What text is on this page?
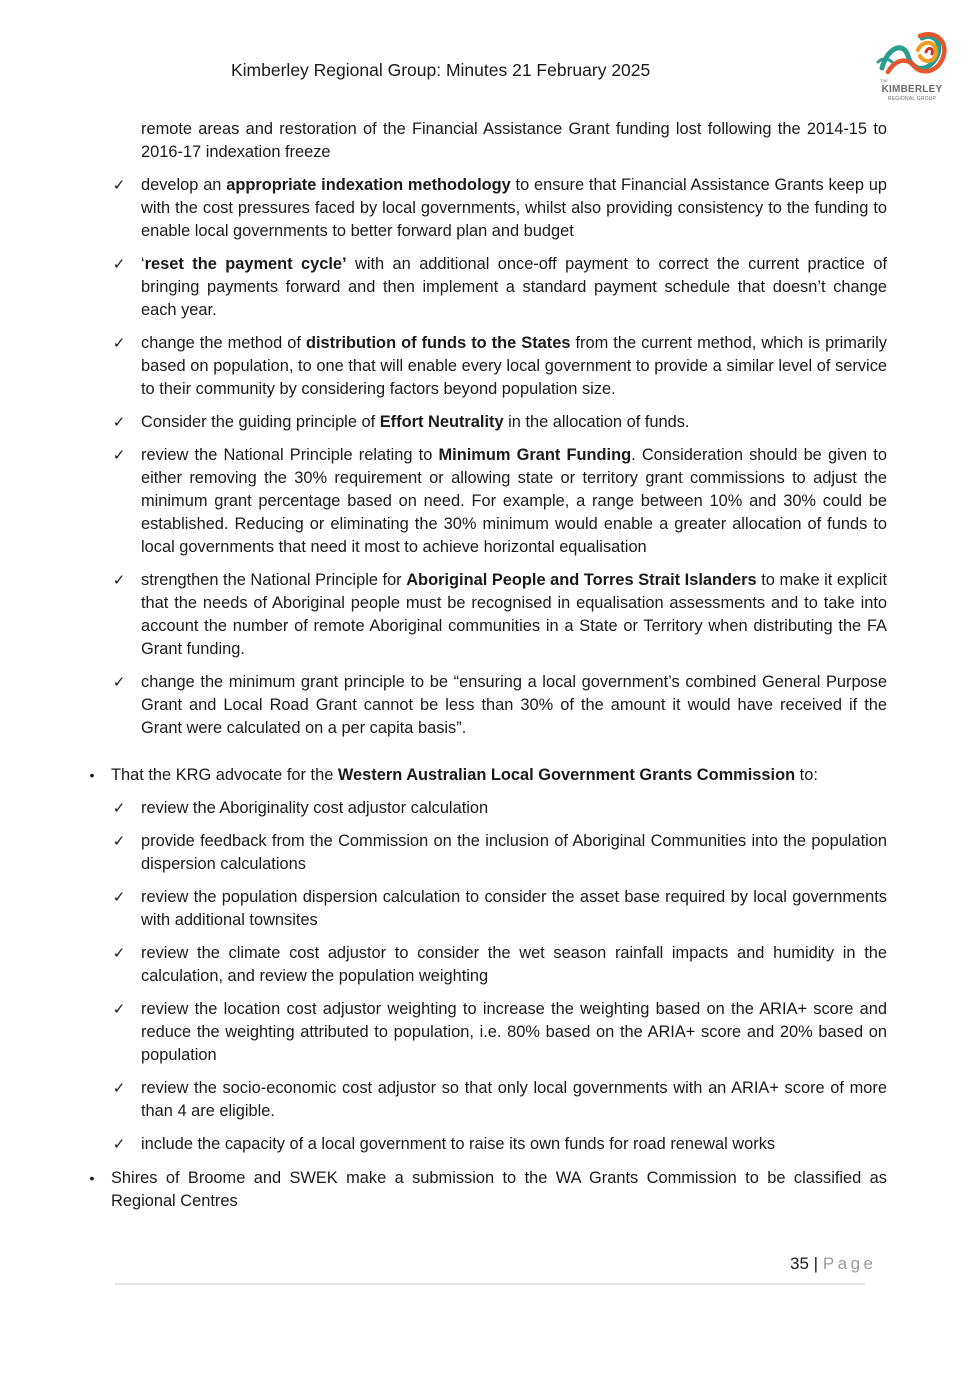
Kimberley Regional Group: Minutes 21 February 2025
THE
KIMBERLEY
REGIONAL GROUP

remote areas and restoration of the Financial Assistance Grant funding lost following the 2014-15 to 2016-17 indexation freeze

✓ develop an appropriate indexation methodology to ensure that Financial Assistance Grants keep up with the cost pressures faced by local governments, whilst also providing consistency to the funding to enable local governments to better forward plan and budget
✓ ‘reset the payment cycle’ with an additional once-off payment to correct the current practice of bringing payments forward and then implement a standard payment schedule that doesn’t change each year.
✓ change the method of distribution of funds to the States from the current method, which is primarily based on population, to one that will enable every local government to provide a similar level of service to their community by considering factors beyond population size.
✓ Consider the guiding principle of Effort Neutrality in the allocation of funds.
✓ review the National Principle relating to Minimum Grant Funding. Consideration should be given to either removing the 30% requirement or allowing state or territory grant commissions to adjust the minimum grant percentage based on need. For example, a range between 10% and 30% could be established. Reducing or eliminating the 30% minimum would enable a greater allocation of funds to local governments that need it most to achieve horizontal equalisation
✓ strengthen the National Principle for Aboriginal People and Torres Strait Islanders to make it explicit that the needs of Aboriginal people must be recognised in equalisation assessments and to take into account the number of remote Aboriginal communities in a State or Territory when distributing the FA Grant funding.
✓ change the minimum grant principle to be “ensuring a local government’s combined General Purpose Grant and Local Road Grant cannot be less than 30% of the amount it would have received if the Grant were calculated on a per capita basis”.
• That the KRG advocate for the Western Australian Local Government Grants Commission to:
✓ review the Aboriginality cost adjustor calculation
✓ provide feedback from the Commission on the inclusion of Aboriginal Communities into the population dispersion calculations
✓ review the population dispersion calculation to consider the asset base required by local governments with additional townsites
✓ review the climate cost adjustor to consider the wet season rainfall impacts and humidity in the calculation, and review the population weighting
✓ review the location cost adjustor weighting to increase the weighting based on the ARIA+ score and reduce the weighting attributed to population, i.e. 80% based on the ARIA+ score and 20% based on population
✓ review the socio-economic cost adjustor so that only local governments with an ARIA+ score of more than 4 are eligible.
✓ include the capacity of a local government to raise its own funds for road renewal works
• Shires of Broome and SWEK make a submission to the WA Grants Commission to be classified as Regional Centres
35 | Page
